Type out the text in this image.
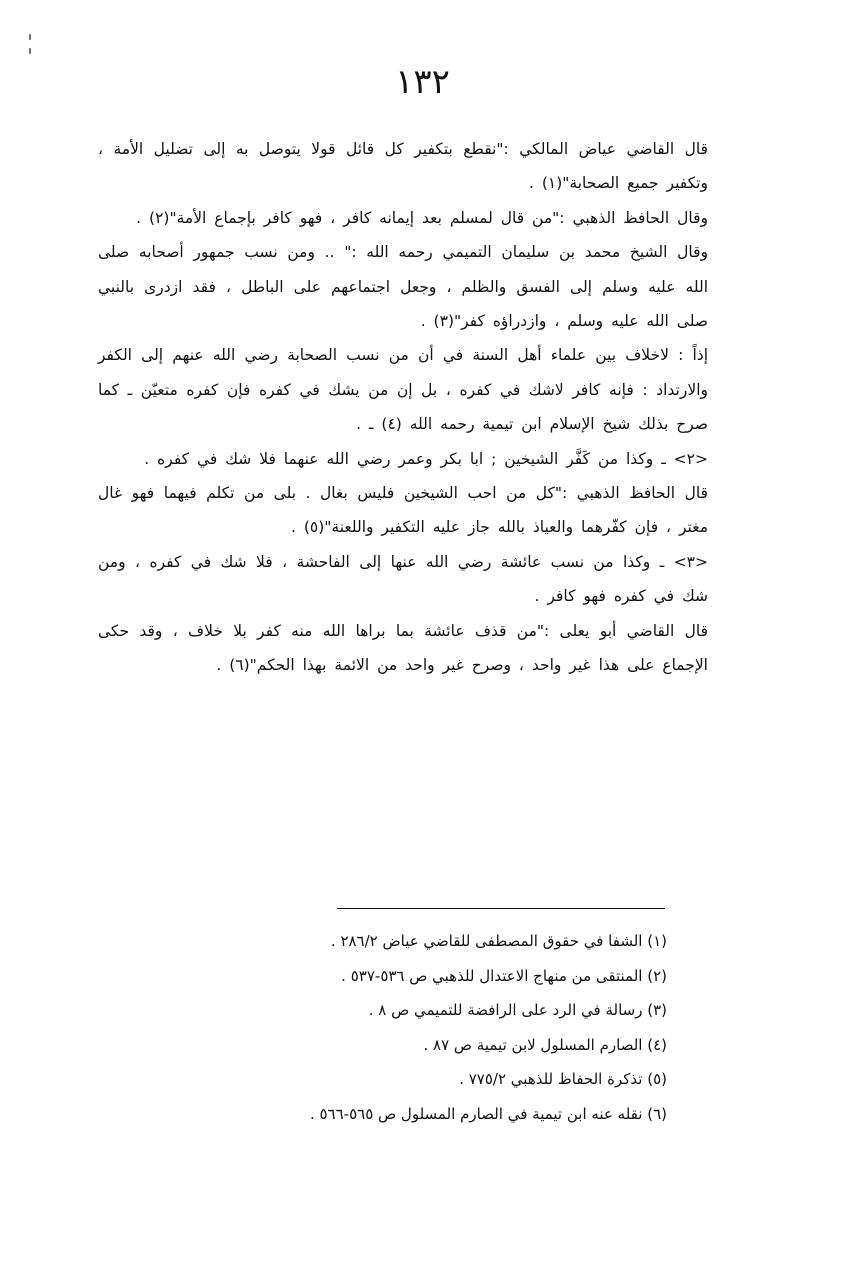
١٣٢

قال القاضي عياض المالكي :"نقطع بتكفير كل قائل قولا يتوصل به إلى تضليل الأمة ، وتكفير جميع الصحابة"(١) .

وقال الحافظ الذهبي :"من قال لمسلم بعد إيمانه كافر ، فهو كافر بإجماع الأمة"(٢) .

وقال الشيخ محمد بن سليمان التميمي رحمه الله :" .. ومن نسب جمهور أصحابه صلى الله عليه وسلم إلى الفسق والظلم ، وجعل اجتماعهم على الباطل ، فقد ازدرى بالنبي صلى الله عليه وسلم ، وازدراؤه كفر"(٣) .

إذاً : لاخلاف بين علماء أهل السنة في أن من نسب الصحابة رضي الله عنهم إلى الكفر والارتداد : فإنه كافر لاشك في كفره ، بل إن من يشك في كفره فإن كفره متعيّن ـ كما صرح بذلك شيخ الإسلام ابن تيمية رحمه الله (٤) ـ .

<٢> ـ وكذا من كَفَّر الشيخين ; ابا بكر وعمر رضي الله عنهما فلا شك في كفره .

قال الحافظ الذهبي :"كل من احب الشيخين فليس بغال . بلى من تكلم فيهما فهو غال مغتر ، فإن كفّرهما والعياذ بالله جاز عليه التكفير واللعنة"(٥) .

<٣> ـ وكذا من نسب عائشة رضي الله عنها إلى الفاحشة ، فلا شك في كفره ، ومن شك في كفره فهو كافر .

قال القاضي أبو يعلى :"من قذف عائشة بما براها الله منه كفر بلا خلاف ، وقد حكى الإجماع على هذا غير واحد ، وصرح غير واحد من الائمة بهذا الحكم"(٦) .

(١) الشفا في حقوق المصطفى للقاضي عياض ٢٨٦/٢ .

(٢) المنتقى من منهاج الاعتدال للذهبي ص ٥٣٦-٥٣٧ .

(٣) رسالة في الرد على الرافضة للتميمي ص ٨ .

(٤) الصارم المسلول لابن تيمية ص ٨٧ .

(٥) تذكرة الحفاظ للذهبي ٧٧٥/٢ .

(٦) نقله عنه ابن تيمية في الصارم المسلول ص ٥٦٥-٥٦٦ .
